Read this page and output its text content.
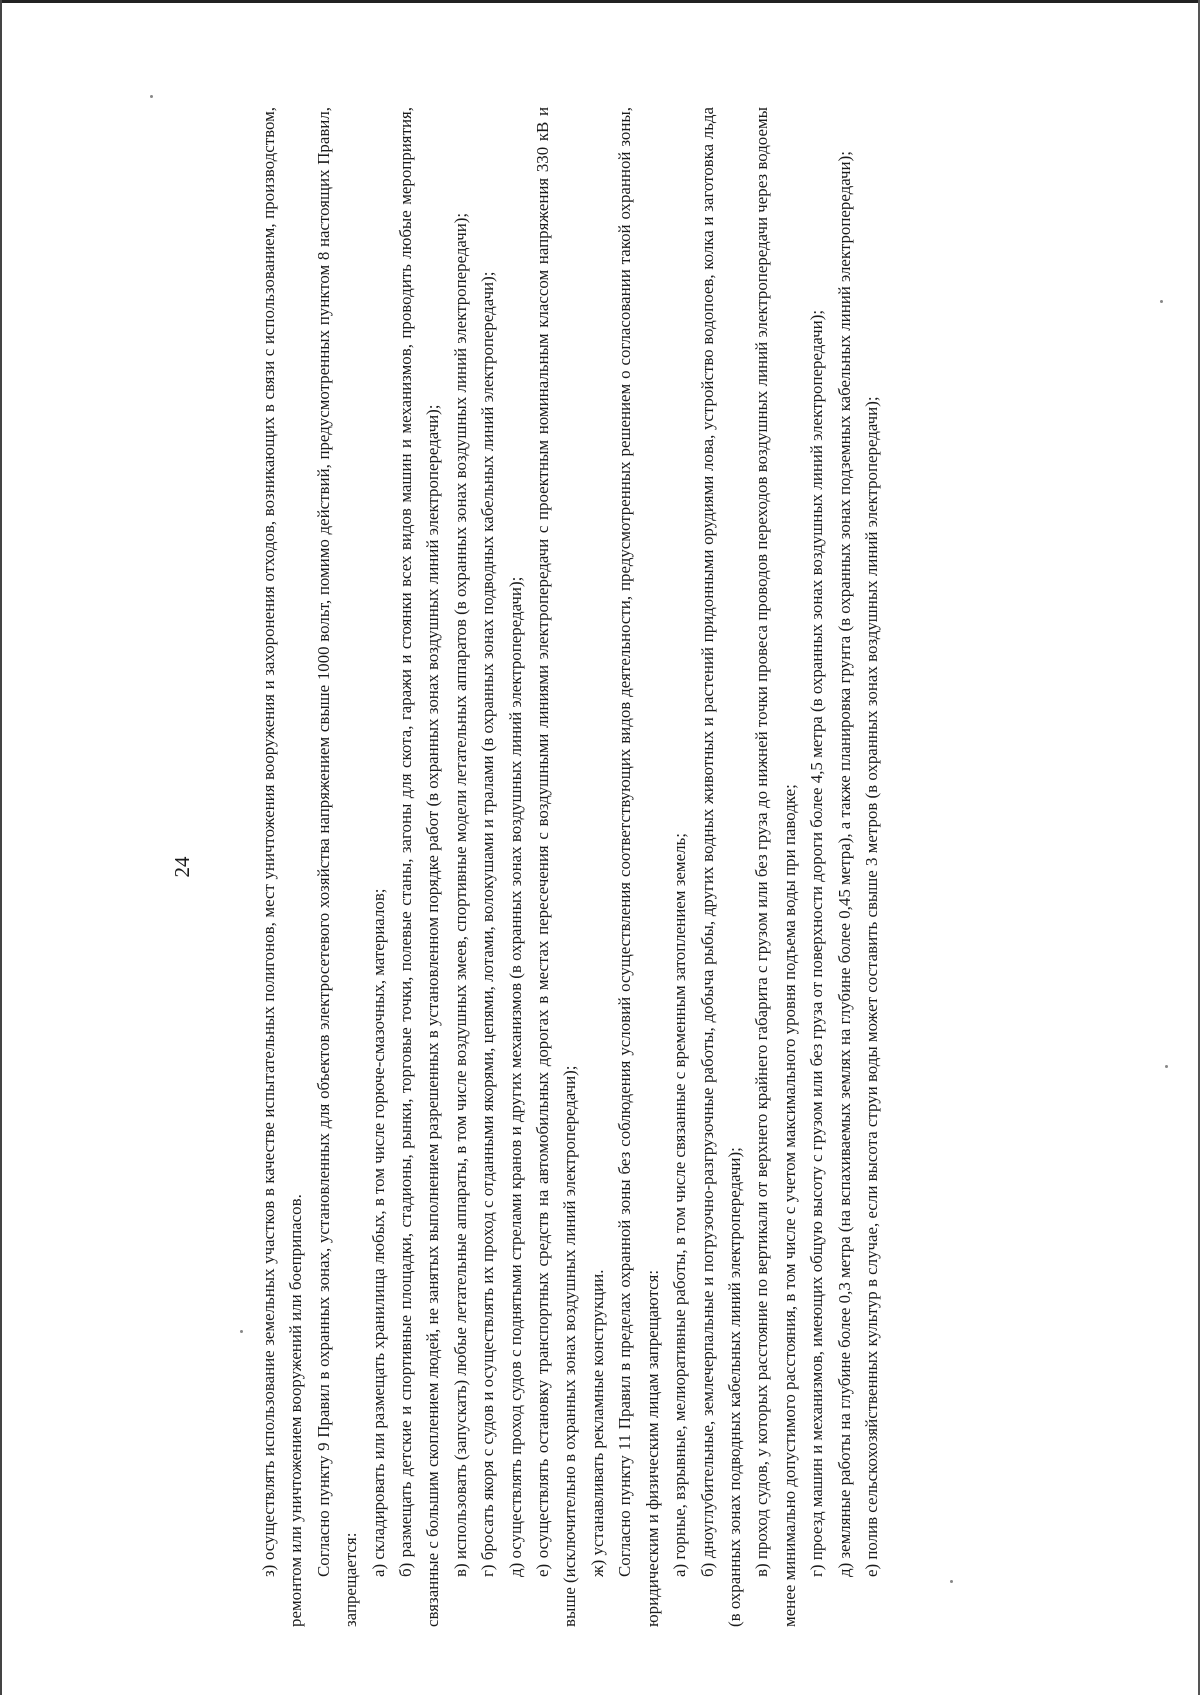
24	з) осуществлять использование земельных участков в качестве испытательных полигонов, мест уничтожения вооружения и захоронения отходов, возникающих в связи с использованием, производством, ремонтом или уничтожением вооружений или боеприпасов. Согласно пункту 9 Правил в охранных зонах, установленных для объектов электросетевого хозяйства напряжением свыше 1000 вольт, помимо действий, предусмотренных пунктом 8 настоящих Правил, запрещается:

а) складировать или размещать хранилища любых, в том числе горюче-смазочных, материалов; б) размещать детские и спортивные площадки, стадионы, рынки, торговые точки, полевые станы, загоны для скота, гаражи и стоянки всех видов машин и механизмов, проводить любые мероприятия, связанные с большим скоплением людей, не занятых выполнением разрешенных в установленном порядке работ (в охранных зонах воздушных линий электропередачи); в) использовать (запускать) любые летательные аппараты, в том числе воздушных змеев, спортивные модели летательных аппаратов (в охранных зонах воздушных линий электропередачи); г) бросать якоря с судов и осуществлять их проход с отданными якорями, цепями, лотами, волокушами и тралами (в охранных зонах подводных кабельных линий электропередачи); д) осуществлять проход судов с поднятыми стрелами кранов и других механизмов (в охранных зонах воздушных линий электропередачи); е) осуществлять остановку транспортных средств на автомобильных дорогах в местах пересечения с воздушными линиями электропередачи с проектным номинальным классом напряжения 330 кВ и выше (исключительно в охранных зонах воздушных линий электропередачи); ж) устанавливать рекламные конструкции. Согласно пункту 11 Правил в пределах охранной зоны без соблюдения условий осуществления соответствующих видов деятельности, предусмотренных решением о согласовании такой охранной зоны, юридическим и физическим лицам запрещаются: а) горные, взрывные, мелиоративные работы, в том числе связанные с временным затоплением земель; б) дноуглубительные, землечерпальные и погрузочно-разгрузочные работы, добыча рыбы, других водных животных и растений придонными орудиями лова, устройство водопоев, колка и заготовка льда (в охранных зонах подводных кабельных линий электропередачи); в) проход судов, у которых расстояние по вертикали от верхнего крайнего габарита с грузом или без груза до нижней точки провеса проводов переходов воздушных линий электропередачи через водоемы менее минимально допустимого расстояния, в том числе с учетом максимального уровня подъема воды при паводке; г) проезд машин и механизмов, имеющих общую высоту с грузом или без груза от поверхности дороги более 4,5 метра (в охранных зонах воздушных линий электропередачи); д) земляные работы на глубине более 0,3 метра (на вспахиваемых землях на глубине более 0,45 метра), а также планировка грунта (в охранных зонах подземных кабельных линий электропередачи); е) полив сельскохозяйственных культур в случае, если высота струи воды может составить свыше 3 метров (в охранных зонах воздушных линий электропередачи);
